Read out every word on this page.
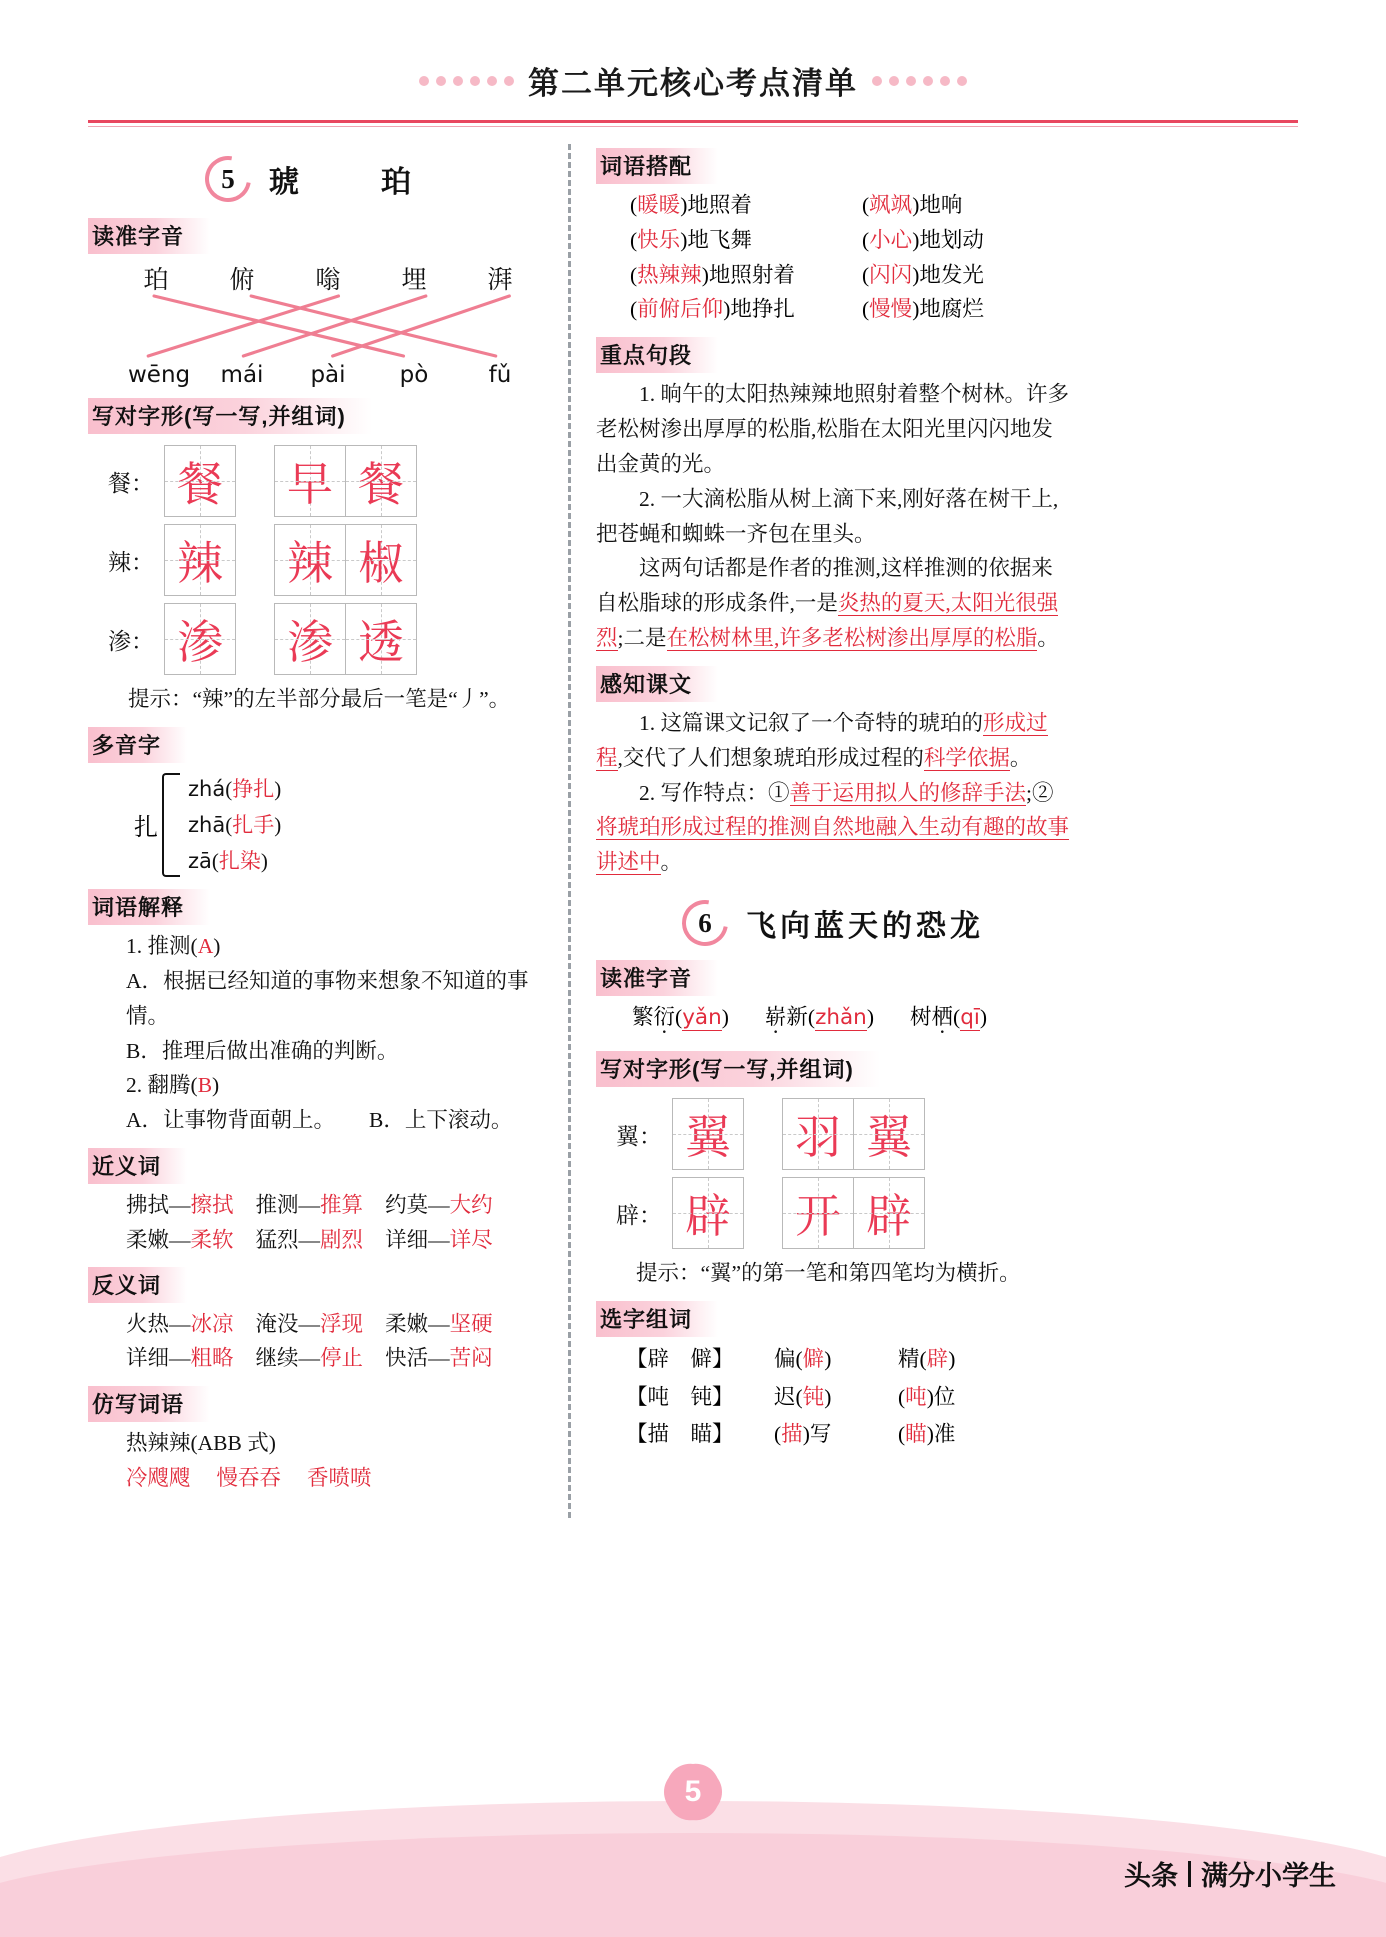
第二单元核心考点清单
5 琥　珀
读准字音
珀	俯	嗡	埋	湃
wēng mái	pài	pò	fǔ
写对字形(写一写,并组词)
餐： 餐 早 餐
辣： 辣 辣 椒
渗： 渗 渗 透
提示：“辣”的左半部分最后一笔是“丿”。
多音字
扎
zhá(挣扎)
zhā(扎手)
zā(扎染)
词语解释
1. 推测(A)
A．根据已经知道的事物来想象不知道的事情。
B．推理后做出准确的判断。
2. 翻腾(B)
A．让事物背面朝上。 B．上下滚动。
近义词
拂拭—擦拭 推测—推算 约莫—大约
柔嫩—柔软 猛烈—剧烈 详细—详尽
反义词
火热—冰凉 淹没—浮现 柔嫩—坚硬
详细—粗略 继续—停止 快活—苦闷
仿写词语
热辣辣(ABB 式)
冷飕飕 慢吞吞 香喷喷
词语搭配
(暖暖)地照着	(飒飒)地响
(快乐)地飞舞	(小心)地划动
(热辣辣)地照射着	(闪闪)地发光
(前俯后仰)地挣扎	(慢慢)地腐烂
重点句段
1. 晌午的太阳热辣辣地照射着整个树林。许多老松树渗出厚厚的松脂,松脂在太阳光里闪闪地发出金黄的光。
2. 一大滴松脂从树上滴下来,刚好落在树干上,把苍蝇和蜘蛛一齐包在里头。
这两句话都是作者的推测,这样推测的依据来自松脂球的形成条件,一是炎热的夏天,太阳光很强烈;二是在松树林里,许多老松树渗出厚厚的松脂。
感知课文
1. 这篇课文记叙了一个奇特的琥珀的形成过程,交代了人们想象琥珀形成过程的科学依据。
2. 写作特点：①善于运用拟人的修辞手法;②将琥珀形成过程的推测自然地融入生动有趣的故事讲述中。
6 飞向蓝天的恐龙
读准字音
繁衍(yǎn) 崭新(zhǎn) 树栖(qī)
写对字形(写一写,并组词)
翼： 翼 羽 翼
辟： 辟 开 辟
提示：“翼”的第一笔和第四笔均为横折。
选字组词
【辟　僻】	偏(僻)	精(辟)
【吨　钝】	迟(钝)	(吨)位
【描　瞄】	(描)写	(瞄)准
5
头条 满分小学生
